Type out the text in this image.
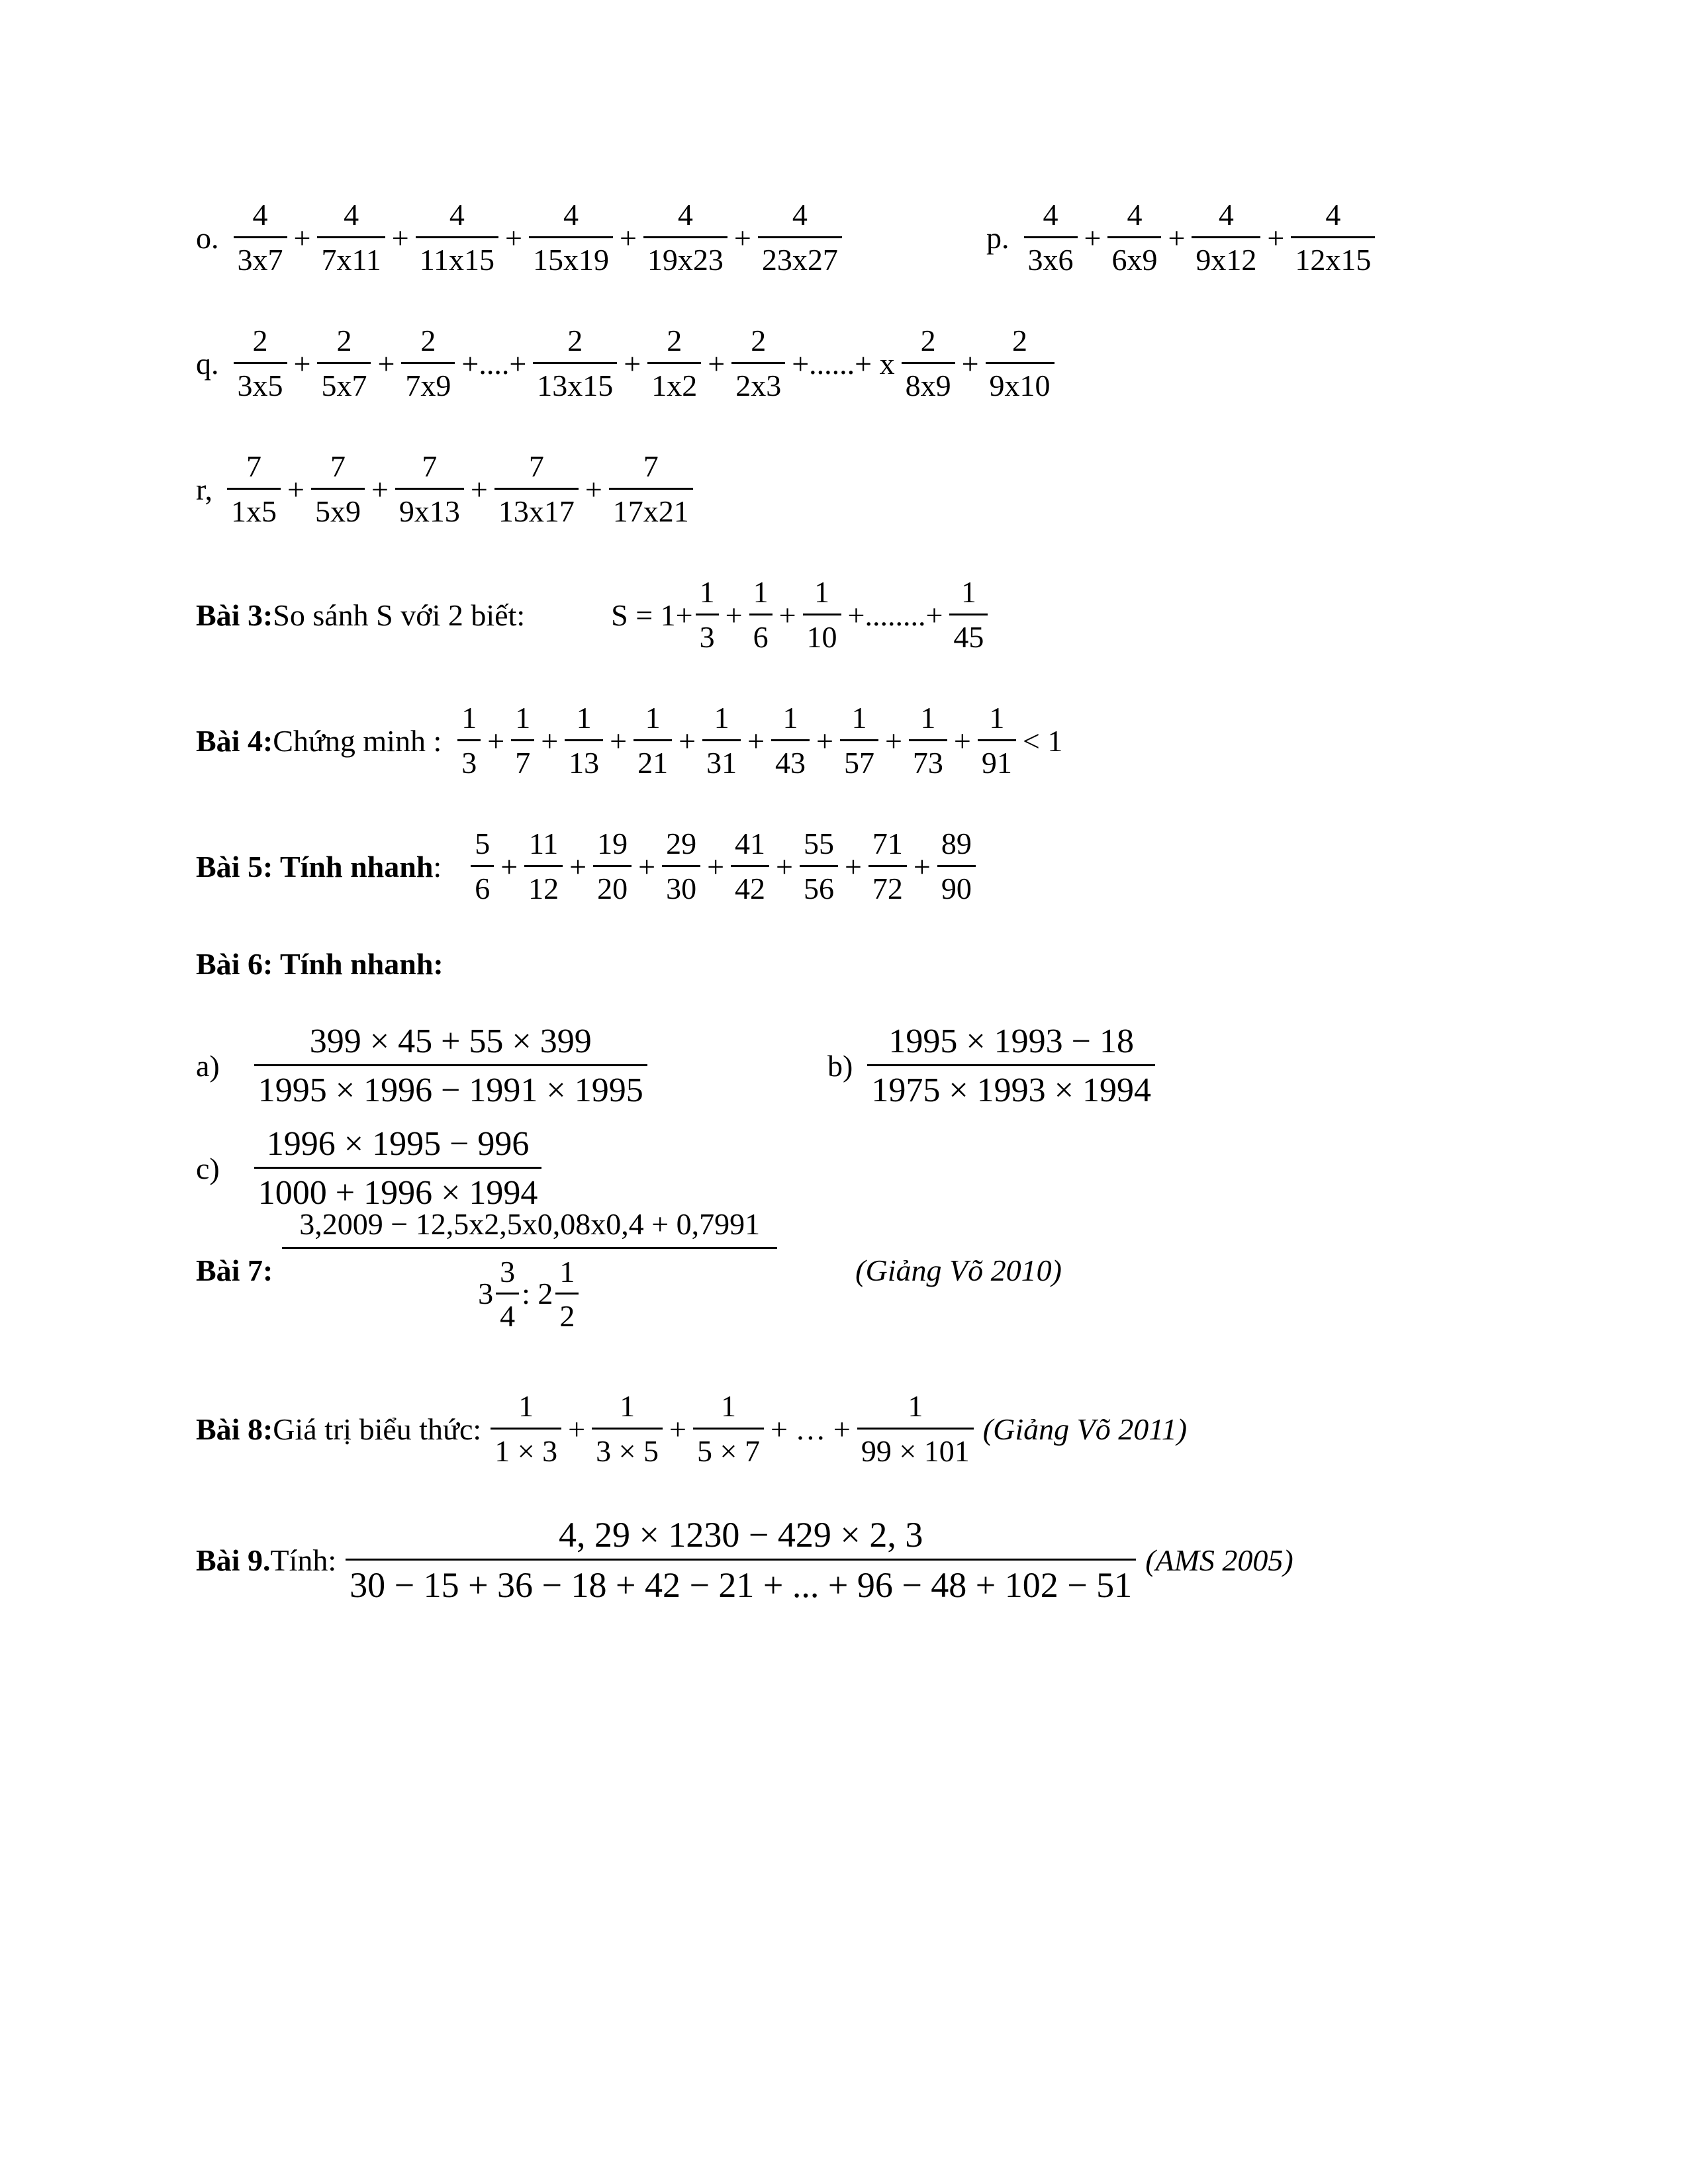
o. $\frac{4}{3x7} + \frac{4}{7x11} + \frac{4}{11x15} + \frac{4}{15x19} + \frac{4}{19x23} + \frac{4}{23x27}$	p. $\frac{4}{3x6} + \frac{4}{6x9} + \frac{4}{9x12} + \frac{4}{12x15}$
q. $\frac{2}{3x5} + \frac{2}{5x7} + \frac{2}{7x9}$ +....+ $\frac{2}{13x15} + \frac{2}{1x2} + \frac{2}{2x3}$ +......+ x $\frac{2}{8x9} + \frac{2}{9x10}$
r, $\frac{7}{1x5} + \frac{7}{5x9} + \frac{7}{9x13} + \frac{7}{13x17} + \frac{7}{17x21}$
Bài 3: So sánh S với 2 biết:	$S = 1+ \frac{1}{3} + \frac{1}{6} + \frac{1}{10}$ +........+ $\frac{1}{45}$
Bài 4: Chứng minh : $\frac{1}{3} + \frac{1}{7} + \frac{1}{13} + \frac{1}{21} + \frac{1}{31} + \frac{1}{43} + \frac{1}{57} + \frac{1}{73} + \frac{1}{91} < 1$
Bài 5: Tính nhanh : $\frac{5}{6} + \frac{11}{12} + \frac{19}{20} + \frac{29}{30} + \frac{41}{42} + \frac{55}{56} + \frac{71}{72} + \frac{89}{90}$
Bài 6: Tính nhanh:
$a) \frac{399 \times 45 + 55 \times 399}{1995 \times 1996 - 1991 \times 1995}$	$b) \frac{1995 \times 1993 - 18}{1975 \times 1993 \times 1994}$
$c) \frac{1996 \times 1995 - 996}{1000 + 1996 \times 1994}$
Bài 7: $\frac{3,2009 - 12,5x2,5x0,08x0,4 + 0,7991}{3 \frac{3}{4} : 2 \frac{1}{2}}$	(Giảng Võ 2010)
Bài 8: Giá trị biểu thức: $\frac{1}{1 \times 3} + \frac{1}{3 \times 5} + \frac{1}{5 \times 7}$ + … + $\frac{1}{99 \times 101}$ (Giảng Võ 2011)
Bài 9. Tính: $\frac{4, 29 \times 1230 - 429 \times 2, 3}{30 - 15 + 36 - 18 + 42 - 21 + ... + 96 - 48 + 102 - 51} (AMS$ 2005)
